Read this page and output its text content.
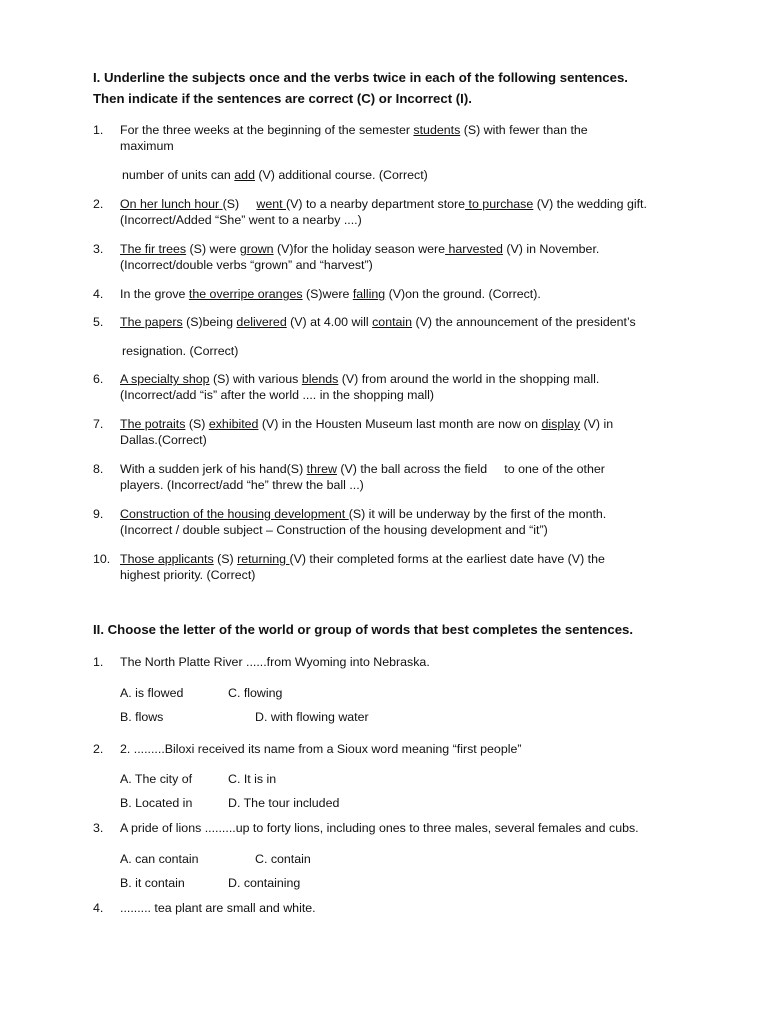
I. Underline the subjects once and the verbs twice in each of the following sentences.
Then indicate if the sentences are correct (C) or Incorrect (I).
1. For the three weeks at the beginning of the semester students (S) with fewer than the
maximum
number of units can add (V) additional course. (Correct)
2. On her lunch hour (S)     went (V) to a nearby department store to purchase (V) the wedding gift.
(Incorrect/Added “She” went to a nearby ....)
3. The fir trees (S) were grown (V)for the holiday season were harvested (V) in November.
(Incorrect/double verbs “grown” and “harvest”)
4. In the grove the overripe oranges (S)were falling (V)on the ground. (Correct).
5. The papers (S)being delivered (V) at 4.00 will contain (V) the announcement of the president’s
resignation. (Correct)
6. A specialty shop (S) with various blends (V) from around the world in the shopping mall.
(Incorrect/add “is” after the world .... in the shopping mall)
7. The potraits (S) exhibited (V) in the Housten Museum last month are now on display (V) in
Dallas.(Correct)
8. With a sudden jerk of his hand(S) threw (V) the ball across the field     to one of the other
players. (Incorrect/add “he” threw the ball ...)
9. Construction of the housing development (S) it will be underway by the first of the month.
(Incorrect / double subject – Construction of the housing development and “it”)
10. Those applicants (S) returning (V) their completed forms at the earliest date have (V) the
highest priority. (Correct)
II. Choose the letter of the world or group of words that best completes the sentences.
1. The North Platte River ......from Wyoming into Nebraska.
A. is flowed	C. flowing
B. flows	D. with flowing water
2. 2. .........Biloxi received its name from a Sioux word meaning “first people”
A. The city of	C. It is in
B. Located in	D. The tour included
3. A pride of lions .........up to forty lions, including ones to three males, several females and cubs.
A. can contain	C. contain
B. it contain	D. containing
4. ......... tea plant are small and white.
